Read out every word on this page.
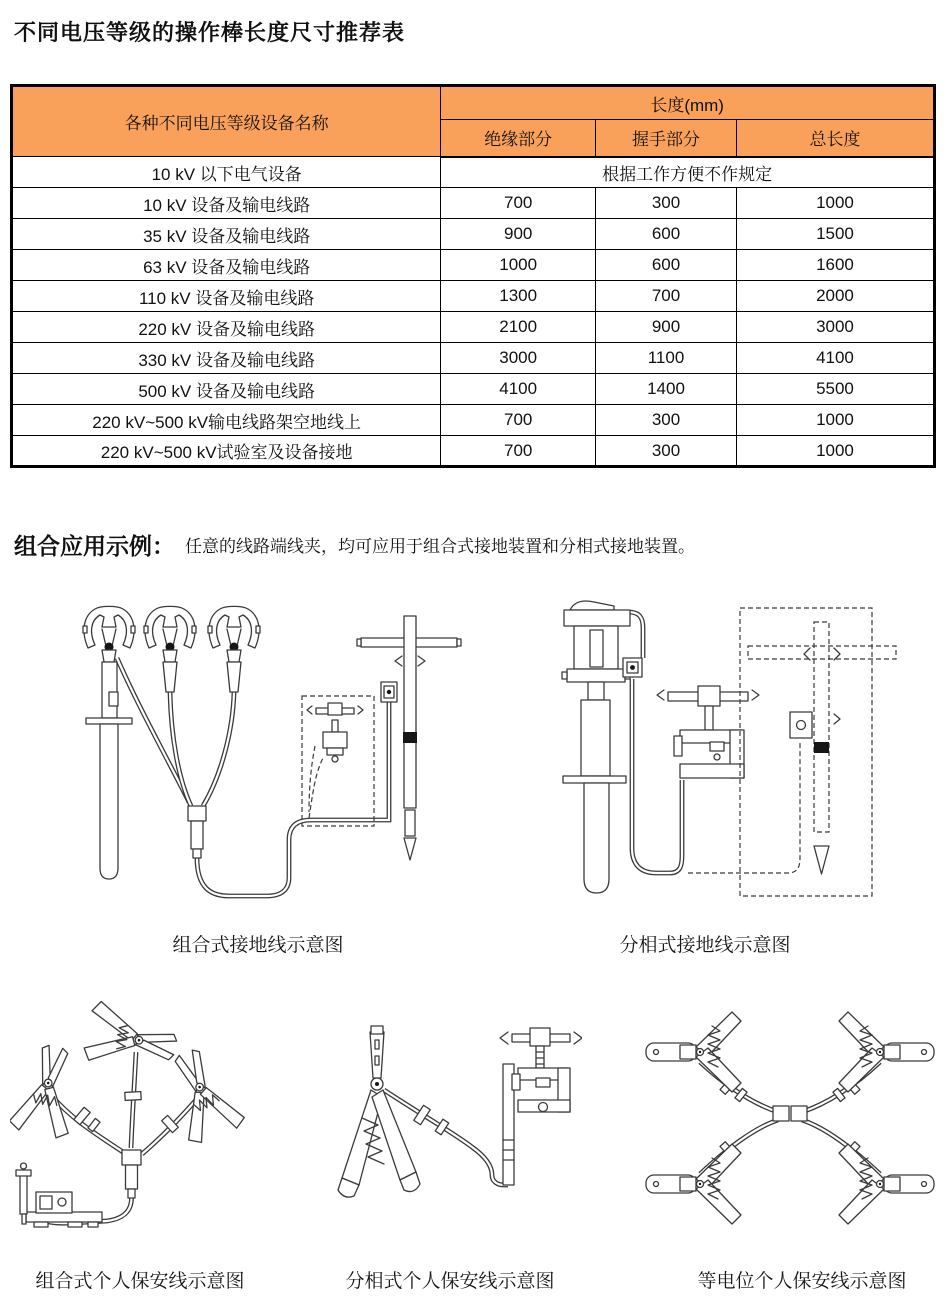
不同电压等级的操作棒长度尺寸推荐表
各种不同电压等级设备名称	长度(mm)		
	绝缘部分	握手部分	总长度
10 kV 以下电气设备	根据工作方便不作规定		
10 kV 设备及输电线路	700	300	1000
35 kV 设备及输电线路	900	600	1500
63 kV 设备及输电线路	1000	600	1600
110 kV 设备及输电线路	1300	700	2000
220 kV 设备及输电线路	2100	900	3000
330 kV 设备及输电线路	3000	1100	4100
500 kV 设备及输电线路	4100	1400	5500
220 kV~500 kV输电线路架空地线上	700	300	1000
220 kV~500 kV试验室及设备接地	700	300	1000
组合应用示例： 任意的线路端线夹，均可应用于组合式接地装置和分相式接地装置。
组合式接地线示意图	分相式接地线示意图
组合式个人保安线示意图	分相式个人保安线示意图	等电位个人保安线示意图
